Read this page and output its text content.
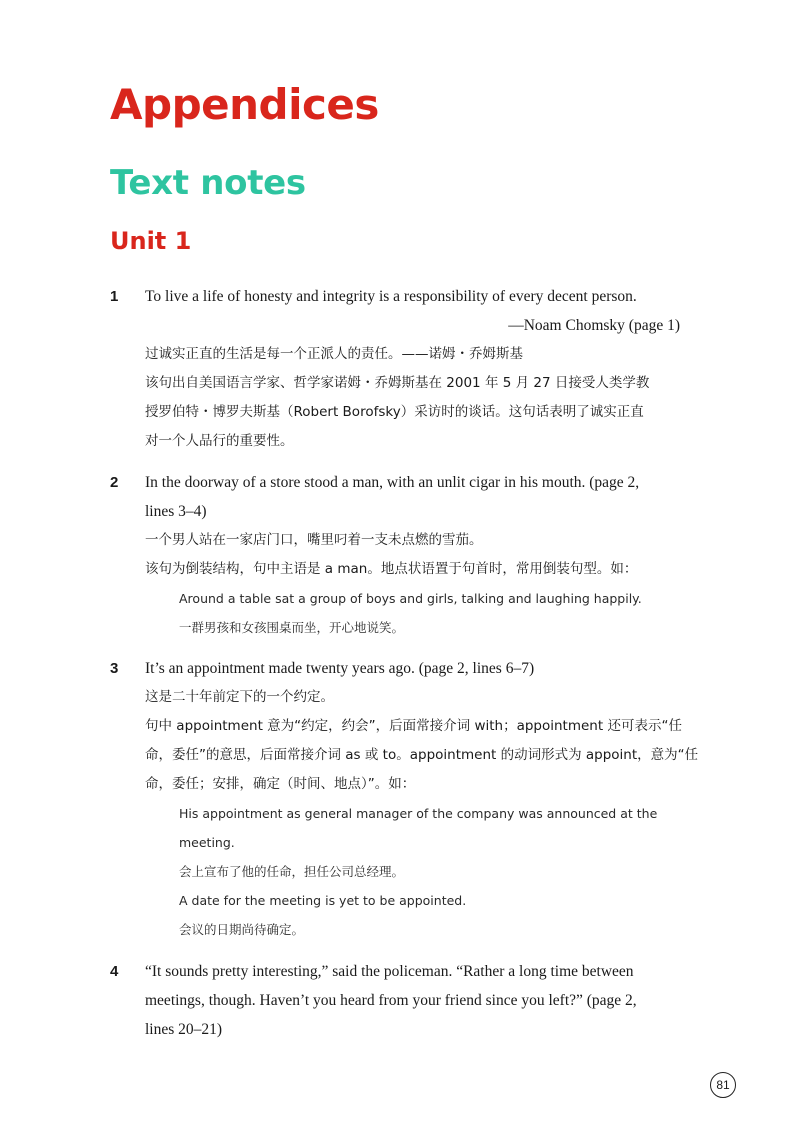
Appendices
Text notes
Unit 1
1 To live a life of honesty and integrity is a responsibility of every decent person.
—Noam Chomsky (page 1)
过诚实正直的生活是每一个正派人的责任。——诺姆・乔姆斯基
该句出自美国语言学家、哲学家诺姆・乔姆斯基在 2001 年 5 月 27 日接受人类学教
授罗伯特・博罗夫斯基（Robert Borofsky）采访时的谈话。这句话表明了诚实正直
对一个人品行的重要性。
2 In the doorway of a store stood a man, with an unlit cigar in his mouth. (page 2,
lines 3–4)
一个男人站在一家店门口，嘴里叼着一支未点燃的雪茄。
该句为倒装结构，句中主语是 a man。地点状语置于句首时，常用倒装句型。如：
Around a table sat a group of boys and girls, talking and laughing happily.
一群男孩和女孩围桌而坐，开心地说笑。
3 It’s an appointment made twenty years ago. (page 2, lines 6–7)
这是二十年前定下的一个约定。
句中 appointment 意为“约定，约会”，后面常接介词 with；appointment 还可表示“任
命，委任”的意思，后面常接介词 as 或 to。appointment 的动词形式为 appoint，意为“任
命，委任；安排，确定（时间、地点）”。如：
His appointment as general manager of the company was announced at the
meeting.
会上宣布了他的任命，担任公司总经理。
A date for the meeting is yet to be appointed.
会议的日期尚待确定。
4 “It sounds pretty interesting,” said the policeman. “Rather a long time between
meetings, though. Haven’t you heard from your friend since you left?” (page 2,
lines 20–21)
81
